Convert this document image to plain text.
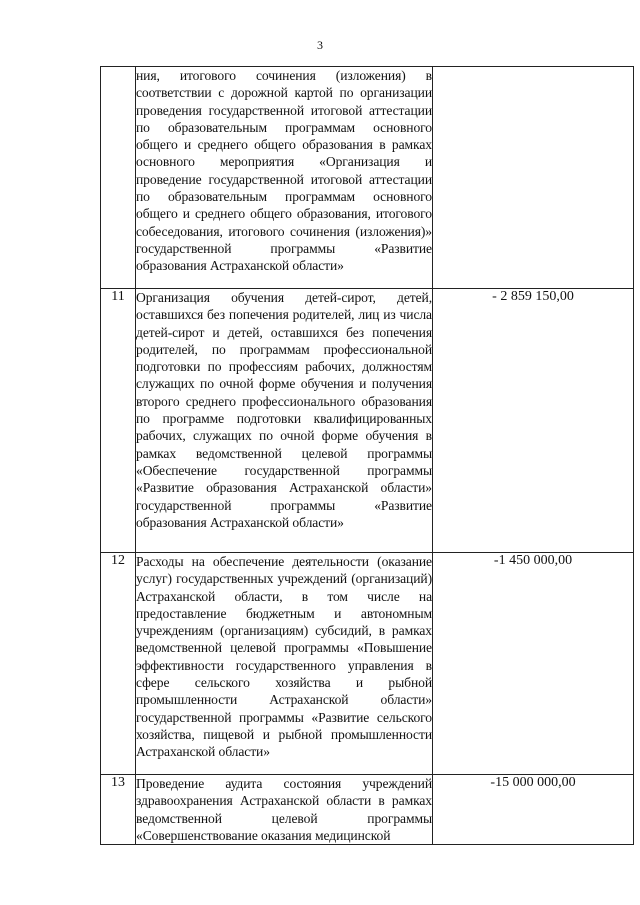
3

	ния, итогового сочинения (изложения) в соответствии с дорожной картой по организации проведения государственной итоговой аттестации по образовательным программам основного общего и среднего общего образования в рамках основного мероприятия «Организация и проведение государственной итоговой аттестации по образовательным программам основного общего и среднего общего образования, итогового собеседования, итогового сочинения (изложения)» государственной программы «Развитие образования Астраханской области»	

11	Организация обучения детей-сирот, детей, оставшихся без попечения родителей, лиц из числа детей-сирот и детей, оставшихся без попечения родителей, по программам профессиональной подготовки по профессиям рабочих, должностям служащих по очной форме обучения и получения второго среднего профессионального образования по программе подготовки квалифицированных рабочих, служащих по очной форме обучения в рамках ведомственной целевой программы «Обеспечение государственной программы «Развитие образования Астраханской области» государственной программы «Развитие образования Астраханской области»	- 2 859 150,00
12	Расходы на обеспечение деятельности (оказание услуг) государственных учреждений (организаций) Астраханской области, в том числе на предоставление бюджетным и автономным учреждениям (организациям) субсидий, в рамках ведомственной целевой программы «Повышение эффективности государственного управления в сфере сельского хозяйства и рыбной промышленности Астраханской области» государственной программы «Развитие сельского хозяйства, пищевой и рыбной промышленности Астраханской области»	-1 450 000,00
13	Проведение аудита состояния учреждений здравоохранения Астраханской области в рамках ведомственной целевой программы «Совершенствование оказания медицинской	-15 000 000,00
